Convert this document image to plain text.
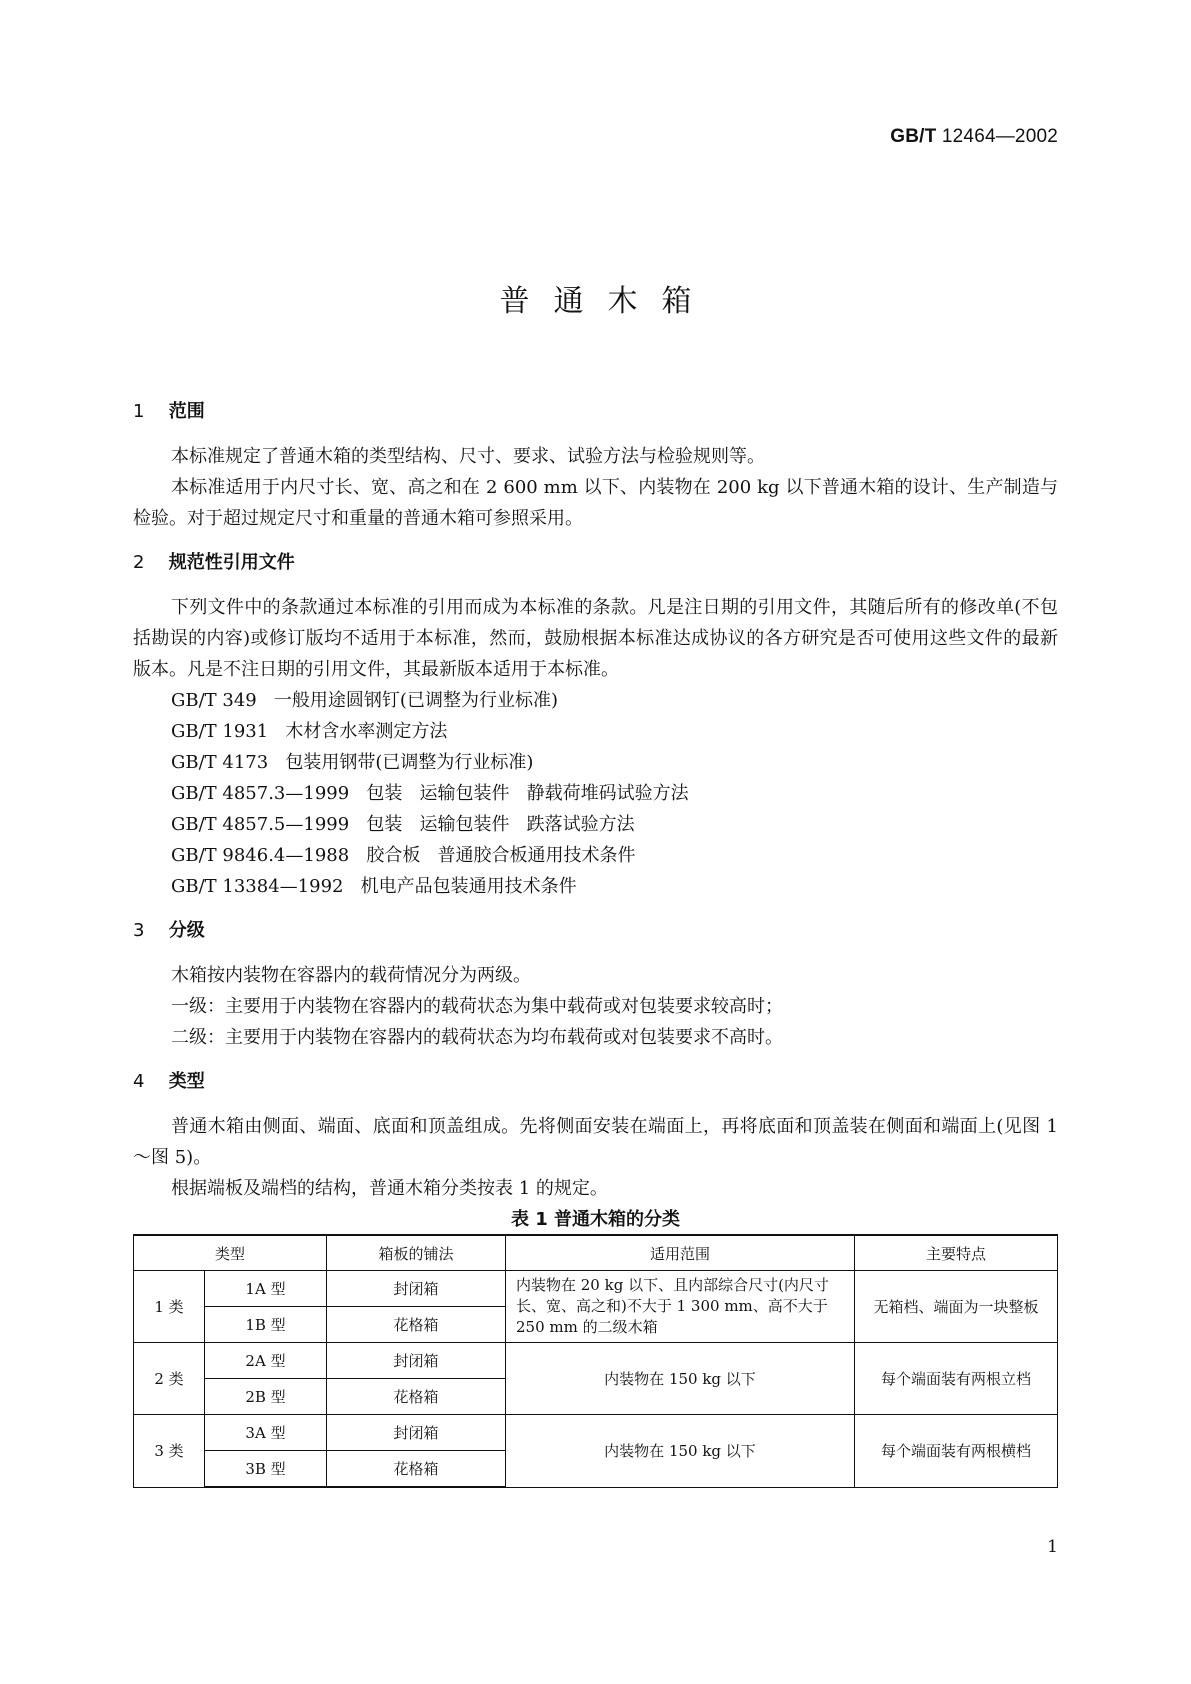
GB/T 12464—2002
普通木箱
1 范围

本标准规定了普通木箱的类型结构、尺寸、要求、试验方法与检验规则等。

本标准适用于内尺寸长、宽、高之和在 2 600 mm 以下、内装物在 200 kg 以下普通木箱的设计、生产制造与检验。对于超过规定尺寸和重量的普通木箱可参照采用。

2 规范性引用文件

下列文件中的条款通过本标准的引用而成为本标准的条款。凡是注日期的引用文件，其随后所有的修改单(不包括勘误的内容)或修订版均不适用于本标准，然而，鼓励根据本标准达成协议的各方研究是否可使用这些文件的最新版本。凡是不注日期的引用文件，其最新版本适用于本标准。

GB/T 349   一般用途圆钢钉(已调整为行业标准)
GB/T 1931   木材含水率测定方法
GB/T 4173   包装用钢带(已调整为行业标准)
GB/T 4857.3—1999   包装   运输包装件   静载荷堆码试验方法
GB/T 4857.5—1999   包装   运输包装件   跌落试验方法
GB/T 9846.4—1988   胶合板   普通胶合板通用技术条件
GB/T 13384—1992   机电产品包装通用技术条件
3 分级

木箱按内装物在容器内的载荷情况分为两级。

一级：主要用于内装物在容器内的载荷状态为集中载荷或对包装要求较高时；

二级：主要用于内装物在容器内的载荷状态为均布载荷或对包装要求不高时。

4 类型

普通木箱由侧面、端面、底面和顶盖组成。先将侧面安装在端面上，再将底面和顶盖装在侧面和端面上(见图 1～图 5)。

根据端板及端档的结构，普通木箱分类按表 1 的规定。

表 1 普通木箱的分类
类型		箱板的铺法	适用范围	主要特点
1 类	1A 型	封闭箱	内装物在 20 kg 以下、且内部综合尺寸(内尺寸长、宽、高之和)不大于 1 300 mm、高不大于 250 mm 的二级木箱	无箱档、端面为一块整板
	1B 型	花格箱		
2 类	2A 型	封闭箱	内装物在 150 kg 以下	每个端面装有两根立档
	2B 型	花格箱		
3 类	3A 型	封闭箱	内装物在 150 kg 以下	每个端面装有两根横档
	3B 型	花格箱		
1
